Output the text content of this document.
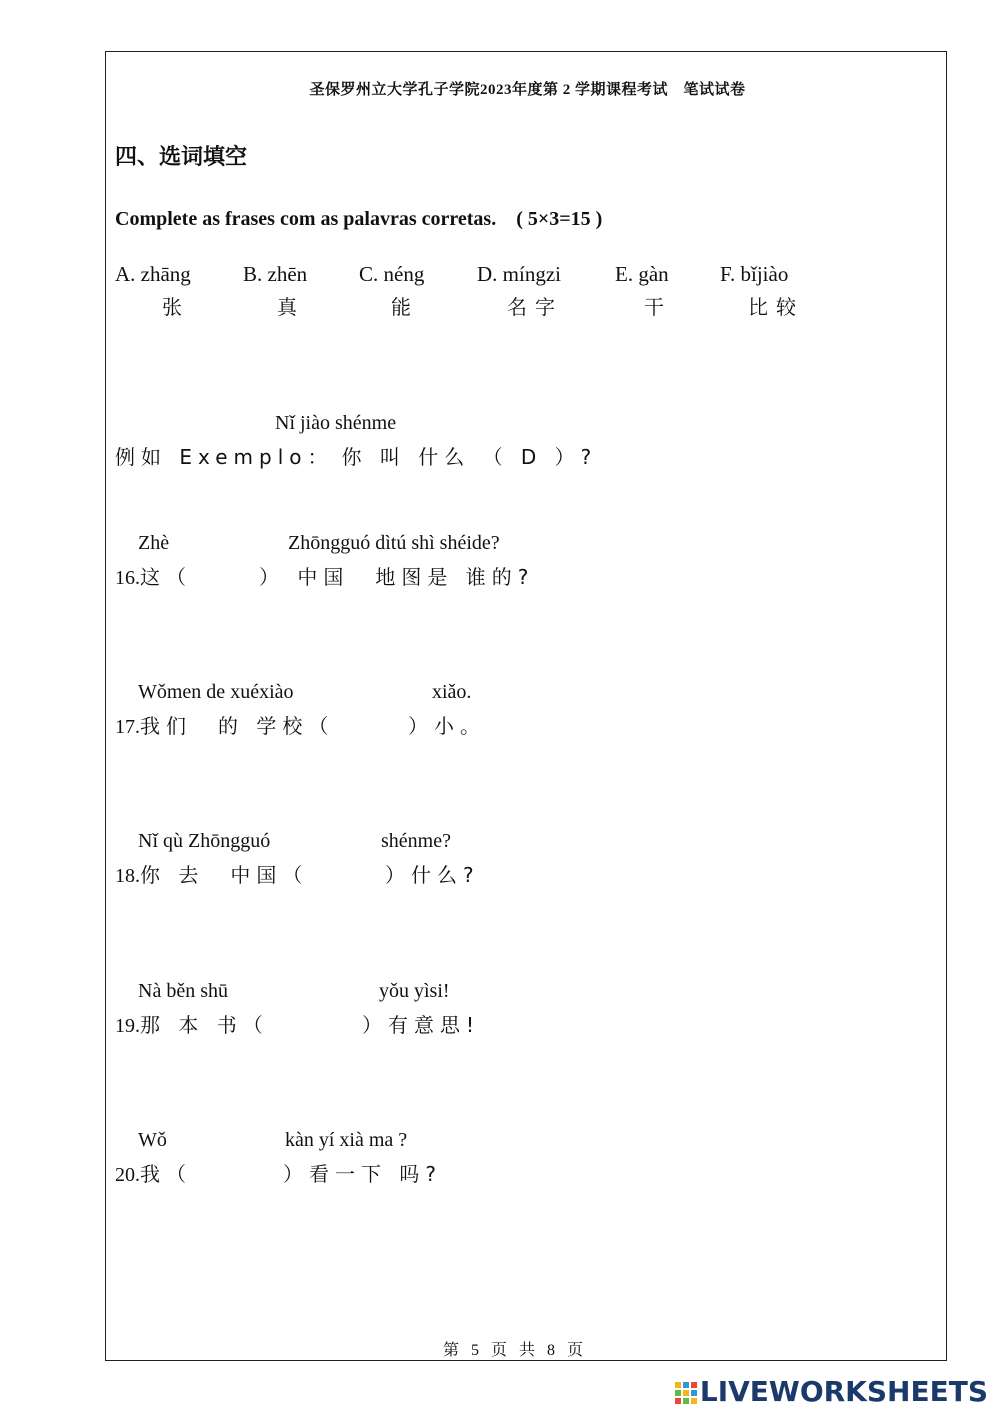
圣保罗州立大学孔子学院2023年度第 2 学期课程考试　笔试试卷
四、选词填空
Complete as frases com as palavras corretas.　( 5×3=15 )
A. zhāng B. zhēn C. néng	D. míngzi	E. gàn F. bǐjiào
张	真	能	名字	干	比较
Nǐ jiào shénme
例如 Exemplo： 你 叫 什么 （ D ）?
Zhè	Zhōngguó dìtú shì shéide?
16.这（	） 中国　地图是 谁的?
Wǒmen de xuéxiào	xiǎo.
17.我们　的 学校（	）小。
Nǐ qù Zhōngguó	shénme?
18.你 去　中国（	）什么?
Nà běn shū	yǒu yìsi!
19.那 本 书（	）有意思!
Wǒ	kàn yí xià ma ?
20.我（	）看一下 吗?
第 5 页 共 8 页
LIVEWORKSHEETS
